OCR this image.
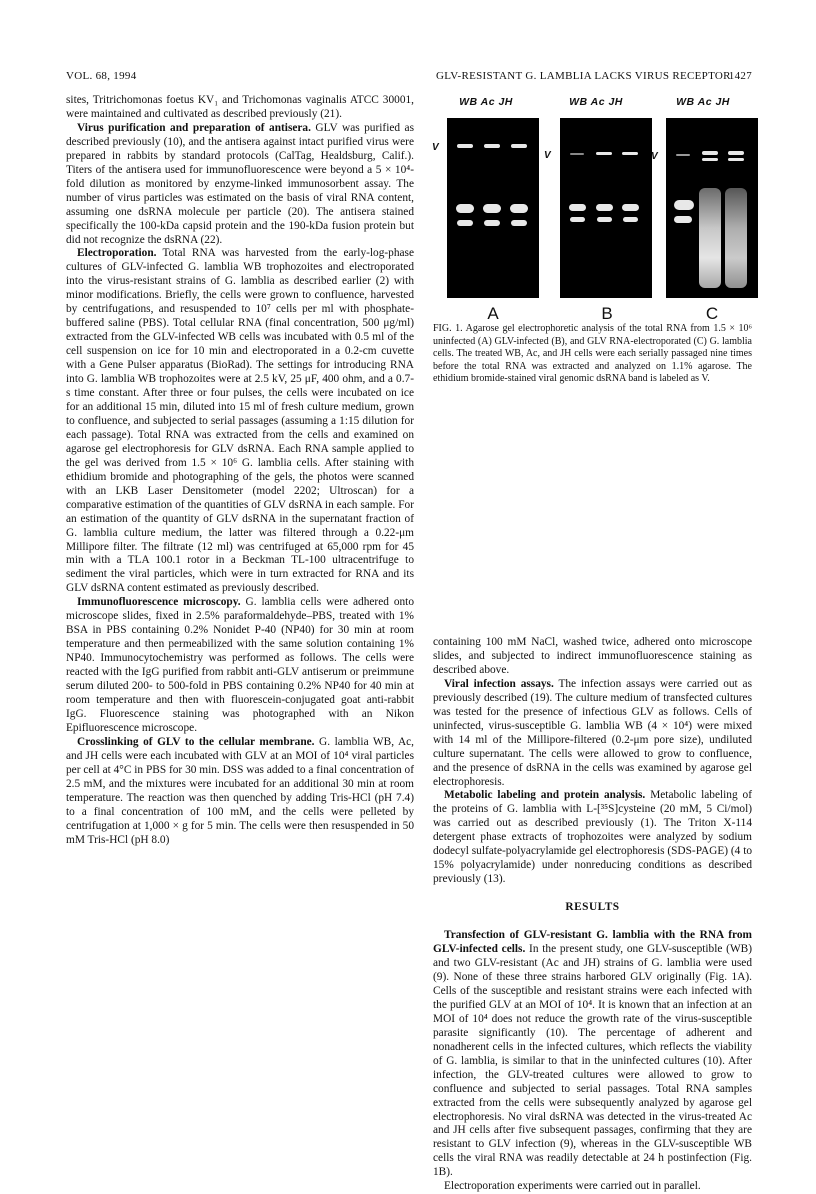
VOL. 68, 1994	GLV-RESISTANT G. LAMBLIA LACKS VIRUS RECEPTOR
1427

sites, Tritrichomonas foetus KV₁ and Trichomonas vaginalis ATCC 30001, were maintained and cultivated as described previously (21).

Virus purification and preparation of antisera. GLV was purified as described previously (10), and the antisera against intact purified virus were prepared in rabbits by standard protocols (CalTag, Healdsburg, Calif.). Titers of the antisera used for immunofluorescence were beyond a 5 × 10⁴-fold dilution as monitored by enzyme-linked immunosorbent assay. The number of virus particles was estimated on the basis of viral RNA content, assuming one dsRNA molecule per particle (20). The antisera stained specifically the 100-kDa capsid protein and the 190-kDa fusion protein but did not recognize the dsRNA (22).

Electroporation. Total RNA was harvested from the early-log-phase cultures of GLV-infected G. lamblia WB trophozoites and electroporated into the virus-resistant strains of G. lamblia as described earlier (2) with minor modifications. Briefly, the cells were grown to confluence, harvested by centrifugations, and resuspended to 10⁷ cells per ml with phosphate-buffered saline (PBS). Total cellular RNA (final concentration, 500 μg/ml) extracted from the GLV-infected WB cells was incubated with 0.5 ml of the cell suspension on ice for 10 min and electroporated in a 0.2-cm cuvette with a Gene Pulser apparatus (BioRad). The settings for introducing RNA into G. lamblia WB trophozoites were at 2.5 kV, 25 μF, 400 ohm, and a 0.7-s time constant. After three or four pulses, the cells were incubated on ice for an additional 15 min, diluted into 15 ml of fresh culture medium, grown to confluence, and subjected to serial passages (assuming a 1:15 dilution for each passage). Total RNA was extracted from the cells and examined on agarose gel electrophoresis for GLV dsRNA. Each RNA sample applied to the gel was derived from 1.5 × 10⁶ G. lamblia cells. After staining with ethidium bromide and photographing of the gels, the photos were scanned with an LKB Laser Densitometer (model 2202; Ultroscan) for a comparative estimation of the quantities of GLV dsRNA in each sample. For an estimation of the quantity of GLV dsRNA in the supernatant fraction of G. lamblia culture medium, the latter was filtered through a 0.22-μm Millipore filter. The filtrate (12 ml) was centrifuged at 65,000 rpm for 45 min with a TLA 100.1 rotor in a Beckman TL-100 ultracentrifuge to sediment the viral particles, which were in turn extracted for RNA and its GLV dsRNA content estimated as previously described.

Immunofluorescence microscopy. G. lamblia cells were adhered onto microscope slides, fixed in 2.5% paraformaldehyde–PBS, treated with 1% BSA in PBS containing 0.2% Nonidet P-40 (NP40) for 30 min at room temperature and then permeabilized with the same solution containing 1% NP40. Immunocytochemistry was performed as follows. The cells were reacted with the IgG purified from rabbit anti-GLV antiserum or preimmune serum diluted 200- to 500-fold in PBS containing 0.2% NP40 for 40 min at room temperature and then with fluorescein-conjugated goat anti-rabbit IgG. Fluorescence staining was photographed with an Nikon Epifluorescence microscope.

Crosslinking of GLV to the cellular membrane. G. lamblia WB, Ac, and JH cells were each incubated with GLV at an MOI of 10⁴ viral particles per cell at 4°C in PBS for 30 min. DSS was added to a final concentration of 2.5 mM, and the mixtures were incubated for an additional 30 min at room temperature. The reaction was then quenched by adding Tris-HCl (pH 7.4) to a final concentration of 100 mM, and the cells were pelleted by centrifugation at 1,000 × g for 5 min. The cells were then resuspended in 50 mM Tris-HCl (pH 8.0)

WB Ac JH
V
A
WB Ac JH
V
B
WB Ac JH
V
C
FIG. 1. Agarose gel electrophoretic analysis of the total RNA from 1.5 × 10⁶ uninfected (A) GLV-infected (B), and GLV RNA-electroporated (C) G. lamblia cells. The treated WB, Ac, and JH cells were each serially passaged nine times before the total RNA was extracted and analyzed on 1.1% agarose. The ethidium bromide-stained viral genomic dsRNA band is labeled as V.

containing 100 mM NaCl, washed twice, adhered onto microscope slides, and subjected to indirect immunofluorescence staining as described above.

Viral infection assays. The infection assays were carried out as previously described (19). The culture medium of transfected cultures was tested for the presence of infectious GLV as follows. Cells of uninfected, virus-susceptible G. lamblia WB (4 × 10⁴) were mixed with 14 ml of the Millipore-filtered (0.2-μm pore size), undiluted culture supernatant. The cells were allowed to grow to confluence, and the presence of dsRNA in the cells was examined by agarose gel electrophoresis.

Metabolic labeling and protein analysis. Metabolic labeling of the proteins of G. lamblia with L-[³⁵S]cysteine (20 mM, 5 Ci/mol) was carried out as described previously (1). The Triton X-114 detergent phase extracts of trophozoites were analyzed by sodium dodecyl sulfate-polyacrylamide gel electrophoresis (SDS-PAGE) (4 to 15% polyacrylamide) under nonreducing conditions as described previously (13).

RESULTS

Transfection of GLV-resistant G. lamblia with the RNA from GLV-infected cells. In the present study, one GLV-susceptible (WB) and two GLV-resistant (Ac and JH) strains of G. lamblia were used (9). None of these three strains harbored GLV originally (Fig. 1A). Cells of the susceptible and resistant strains were each infected with the purified GLV at an MOI of 10⁴. It is known that an infection at an MOI of 10⁴ does not reduce the growth rate of the virus-susceptible parasite significantly (10). The percentage of adherent and nonadherent cells in the infected cultures, which reflects the viability of G. lamblia, is similar to that in the uninfected cultures (10). After infection, the GLV-treated cultures were allowed to grow to confluence and subjected to serial passages. Total RNA samples extracted from the cells were subsequently analyzed by agarose gel electrophoresis. No viral dsRNA was detected in the virus-treated Ac and JH cells after five subsequent passages, confirming that they are resistant to GLV infection (9), whereas in the GLV-susceptible WB cells the viral RNA was readily detectable at 24 h postinfection (Fig. 1B).

Electroporation experiments were carried out in parallel.
